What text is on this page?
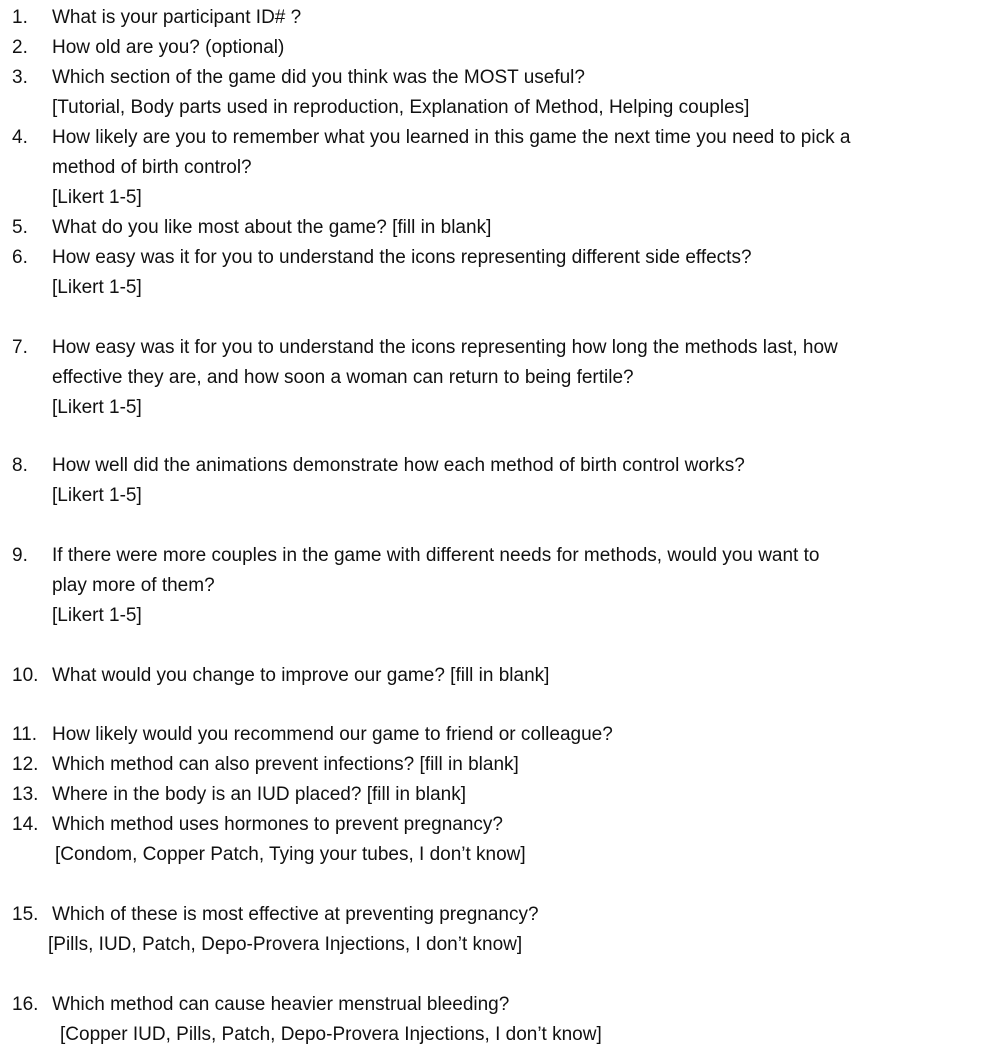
1. What is your participant ID# ?
2. How old are you? (optional)
3. Which section of the game did you think was the MOST useful?
[Tutorial, Body parts used in reproduction, Explanation of Method, Helping couples]
4. How likely are you to remember what you learned in this game the next time you need to pick a
method of birth control?
[Likert 1-5]
5. What do you like most about the game? [fill in blank]
6. How easy was it for you to understand the icons representing different side effects?
[Likert 1-5]
7. How easy was it for you to understand the icons representing how long the methods last, how
effective they are, and how soon a woman can return to being fertile?
[Likert 1-5]
8. How well did the animations demonstrate how each method of birth control works?
[Likert 1-5]
9. If there were more couples in the game with different needs for methods, would you want to
play more of them?
[Likert 1-5]
10. What would you change to improve our game? [fill in blank]
11. How likely would you recommend our game to friend or colleague?
12. Which method can also prevent infections? [fill in blank]
13. Where in the body is an IUD placed? [fill in blank]
14. Which method uses hormones to prevent pregnancy?
[Condom, Copper Patch, Tying your tubes, I don’t know]
15. Which of these is most effective at preventing pregnancy?
[Pills, IUD, Patch, Depo-Provera Injections, I don’t know]
16. Which method can cause heavier menstrual bleeding?
[Copper IUD, Pills, Patch, Depo-Provera Injections, I don’t know]
